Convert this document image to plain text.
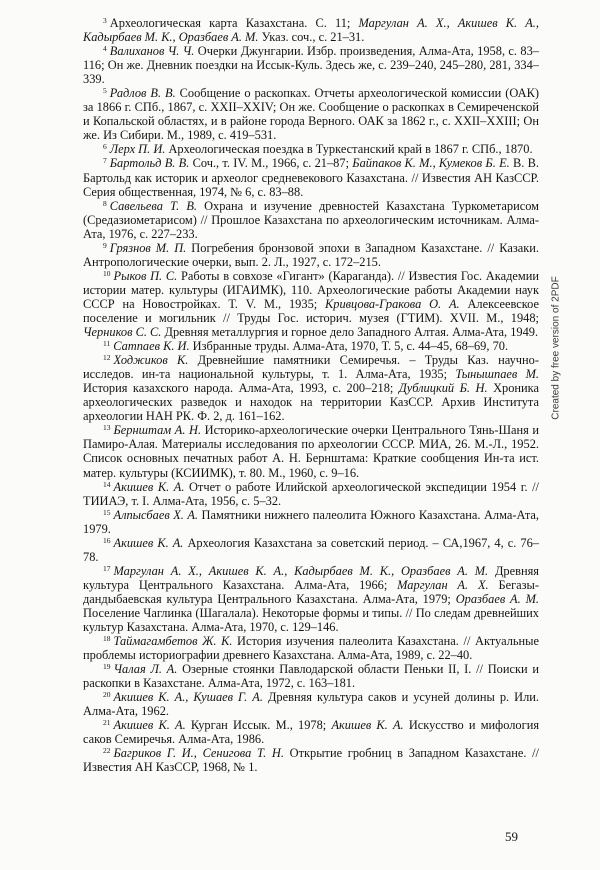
$^3$ Археологическая карта Казахстана. С. 11; Маргулан А. Х., Акишев К. А., Кадырбаев М. К., Оразбаев А. М. Указ. соч., с. 21–31.

$^4$ Валиханов Ч. Ч. Очерки Джунгарии. Избр. произведения, Алма-Ата, 1958, с. 83–116; Он же. Дневник поездки на Иссык-Куль. Здесь же, с. 239–240, 245–280, 281, 334–339.

$^5$ Радлов В. В. Сообщение о раскопках. Отчеты археологической комиссии (ОАК) за 1866 г. СПб., 1867, с. XXII–XXIV; Он же. Сообщение о раскопках в Семиреченской и Копальской областях, и в районе города Верного. ОАК за 1862 г., с. XXII–XXIII; Он же. Из Сибири. М., 1989, с. 419–531.

$^6$ Лерх П. И. Археологическая поездка в Туркестанский край в 1867 г. СПб., 1870.

$^7$ Бартольд В. В. Соч., т. IV. М., 1966, с. 21–87; Байпаков К. М., Кумеков Б. Е. В. В. Бартольд как историк и археолог средневекового Казахстана. // Известия АН КазССР. Серия общественная, 1974, № 6, с. 83–88.

$^8$ Савельева Т. В. Охрана и изучение древностей Казахстана Туркометарисом (Средазиометарисом) // Прошлое Казахстана по археологическим источникам. Алма-Ата, 1976, с. 227–233.

$^9$ Грязнов М. П. Погребения бронзовой эпохи в Западном Казахстане. // Казаки. Антропологические очерки, вып. 2. Л., 1927, с. 172–215.

$^{10}$ Рыков П. С. Работы в совхозе «Гигант» (Караганда). // Известия Гос. Академии истории матер. культуры (ИГАИМК), 110. Археологические работы Академии наук СССР на Новостройках. Т. V. М., 1935; Кривцова-Гракова О. А. Алексеевское поселение и могильник // Труды Гос. историч. музея (ГТИМ). XVII. М., 1948; Черников С. С. Древняя металлургия и горное дело Западного Алтая. Алма-Ата, 1949.

$^{11}$ Сатпаев К. И. Избранные труды. Алма-Ата, 1970, Т. 5, с. 44–45, 68–69, 70.

$^{12}$ Ходжиков К. Древнейшие памятники Семиречья. – Труды Каз. научно-исследов. ин-та национальной культуры, т. 1. Алма-Ата, 1935; Тынышпаев М. История казахского народа. Алма-Ата, 1993, с. 200–218; Дублицкий Б. Н. Хроника археологических разведок и находок на территории КазССР. Архив Института археологии НАН РК. Ф. 2, д. 161–162.

$^{13}$ Бернштам А. Н. Историко-археологические очерки Центрального Тянь-Шаня и Памиро-Алая. Материалы исследования по археологии СССР. МИА, 26. М.-Л., 1952. Список основных печатных работ А. Н. Бернштама: Краткие сообщения Ин-та ист. матер. культуры (КСИИМК), т. 80. М., 1960, с. 9–16.

$^{14}$ Акишев К. А. Отчет о работе Илийской археологической экспедиции 1954 г. // ТИИАЭ, т. I. Алма-Ата, 1956, с. 5–32.

$^{15}$ Алпысбаев Х. А. Памятники нижнего палеолита Южного Казахстана. Алма-Ата, 1979.

$^{16}$ Акишев К. А. Археология Казахстана за советский период. – СА,1967, 4, с. 76–78.

$^{17}$ Маргулан А. Х., Акишев К. А., Кадырбаев М. К., Оразбаев А. М. Древняя культура Центрального Казахстана. Алма-Ата, 1966; Маргулан А. Х. Бегазы-дандыбаевская культура Центрального Казахстана. Алма-Ата, 1979; Оразбаев А. М. Поселение Чаглинка (Шагалала). Некоторые формы и типы. // По следам древнейших культур Казахстана. Алма-Ата, 1970, с. 129–146.

$^{18}$ Таймагамбетов Ж. К. История изучения палеолита Казахстана. // Актуальные проблемы историографии древнего Казахстана. Алма-Ата, 1989, с. 22–40.

$^{19}$ Чалая Л. А. Озерные стоянки Павлодарской области Пеньки II, I. // Поиски и раскопки в Казахстане. Алма-Ата, 1972, с. 163–181.

$^{20}$ Акишев К. А., Кушаев Г. А. Древняя культура саков и усуней долины р. Или. Алма-Ата, 1962.

$^{21}$ Акишев К. А. Курган Иссык. М., 1978; Акишев К. А. Искусство и мифология саков Семиречья. Алма-Ата, 1986.

$^{22}$ Багриков Г. И., Сенигова Т. Н. Открытие гробниц в Западном Казахстане. // Известия АН КазССР, 1968, № 1.

59
Created by free version of 2PDF
